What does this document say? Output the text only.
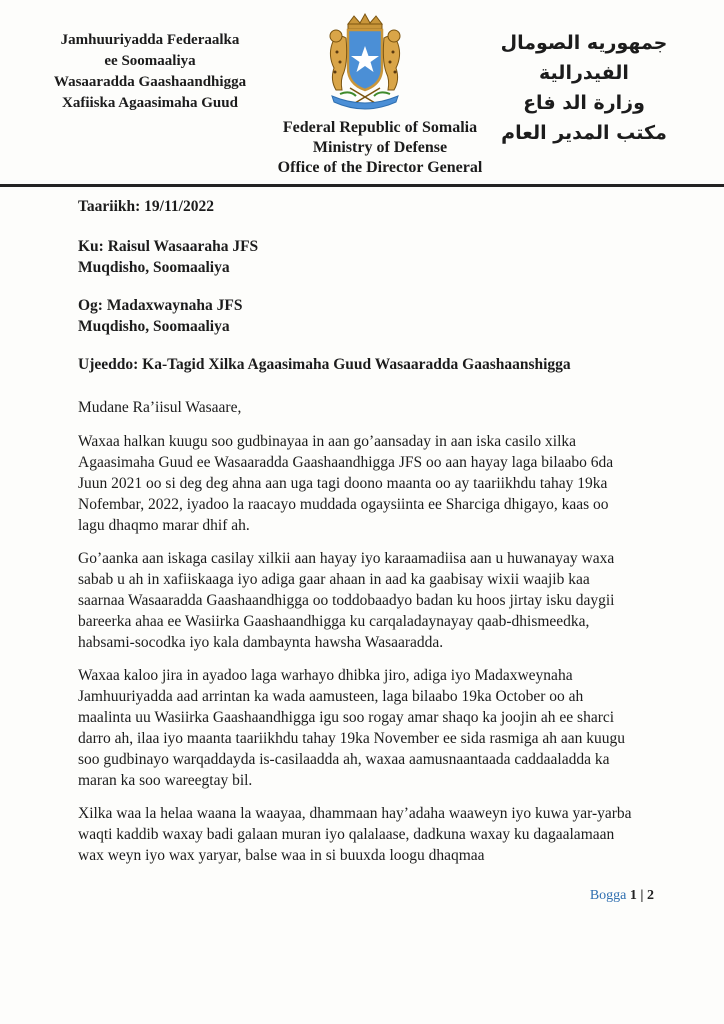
Jamhuuriyadda Federaalka
ee Soomaaliya
Wasaaradda Gaashaandhigga
Xafiiska Agaasimaha Guud
جمهوريه الصومال الفيدرالية
وزارة الد فاع
مكتب المدير العام
Federal Republic of Somalia
Ministry of Defense
Office of the Director General
Taariikh: 19/11/2022
Ku: Raisul Wasaaraha JFS
Muqdisho, Soomaaliya
Og: Madaxwaynaha JFS
Muqdisho, Soomaaliya
Ujeeddo: Ka-Tagid Xilka Agaasimaha Guud Wasaaradda Gaashaanshigga
Mudane Ra’iisul Wasaare,

Waxaa halkan kuugu soo gudbinayaa in aan go’aansaday in aan iska casilo xilka Agaasimaha Guud ee Wasaaradda Gaashaandhigga JFS oo aan hayay laga bilaabo 6da Juun 2021 oo si deg deg ahna aan uga tagi doono maanta oo ay taariikhdu tahay 19ka Nofembar, 2022, iyadoo la raacayo muddada ogaysiinta ee Sharciga dhigayo, kaas oo lagu dhaqmo marar dhif ah.

Go’aanka aan iskaga casilay xilkii aan hayay iyo karaamadiisa aan u huwanayay waxa sabab u ah in xafiiskaaga iyo adiga gaar ahaan in aad ka gaabisay wixii waajib kaa saarnaa Wasaaradda Gaashaandhigga oo toddobaadyo badan ku hoos jirtay isku daygii bareerka ahaa ee Wasiirka Gaashaandhigga ku carqaladaynayay qaab-dhismeedka, habsami-socodka iyo kala dambaynta hawsha Wasaaradda.

Waxaa kaloo jira in ayadoo laga warhayo dhibka jiro, adiga iyo Madaxweynaha Jamhuuriyadda aad arrintan ka wada aamusteen, laga bilaabo 19ka October oo ah maalinta uu Wasiirka Gaashaandhigga igu soo rogay amar shaqo ka joojin ah ee sharci darro ah, ilaa iyo maanta taariikhdu tahay 19ka November ee sida rasmiga ah aan kuugu soo gudbinayo warqaddayda is-casilaadda ah, waxaa aamusnaantaada caddaaladda ka maran ka soo wareegtay bil.

Xilka waa la helaa waana la waayaa, dhammaan hay’adaha waaweyn iyo kuwa yar-yarba waqti kaddib waxay badi galaan muran iyo qalalaase, dadkuna waxay ku dagaalamaan wax weyn iyo wax yaryar, balse waa in si buuxda loogu dhaqmaa

Bogga 1 | 2
